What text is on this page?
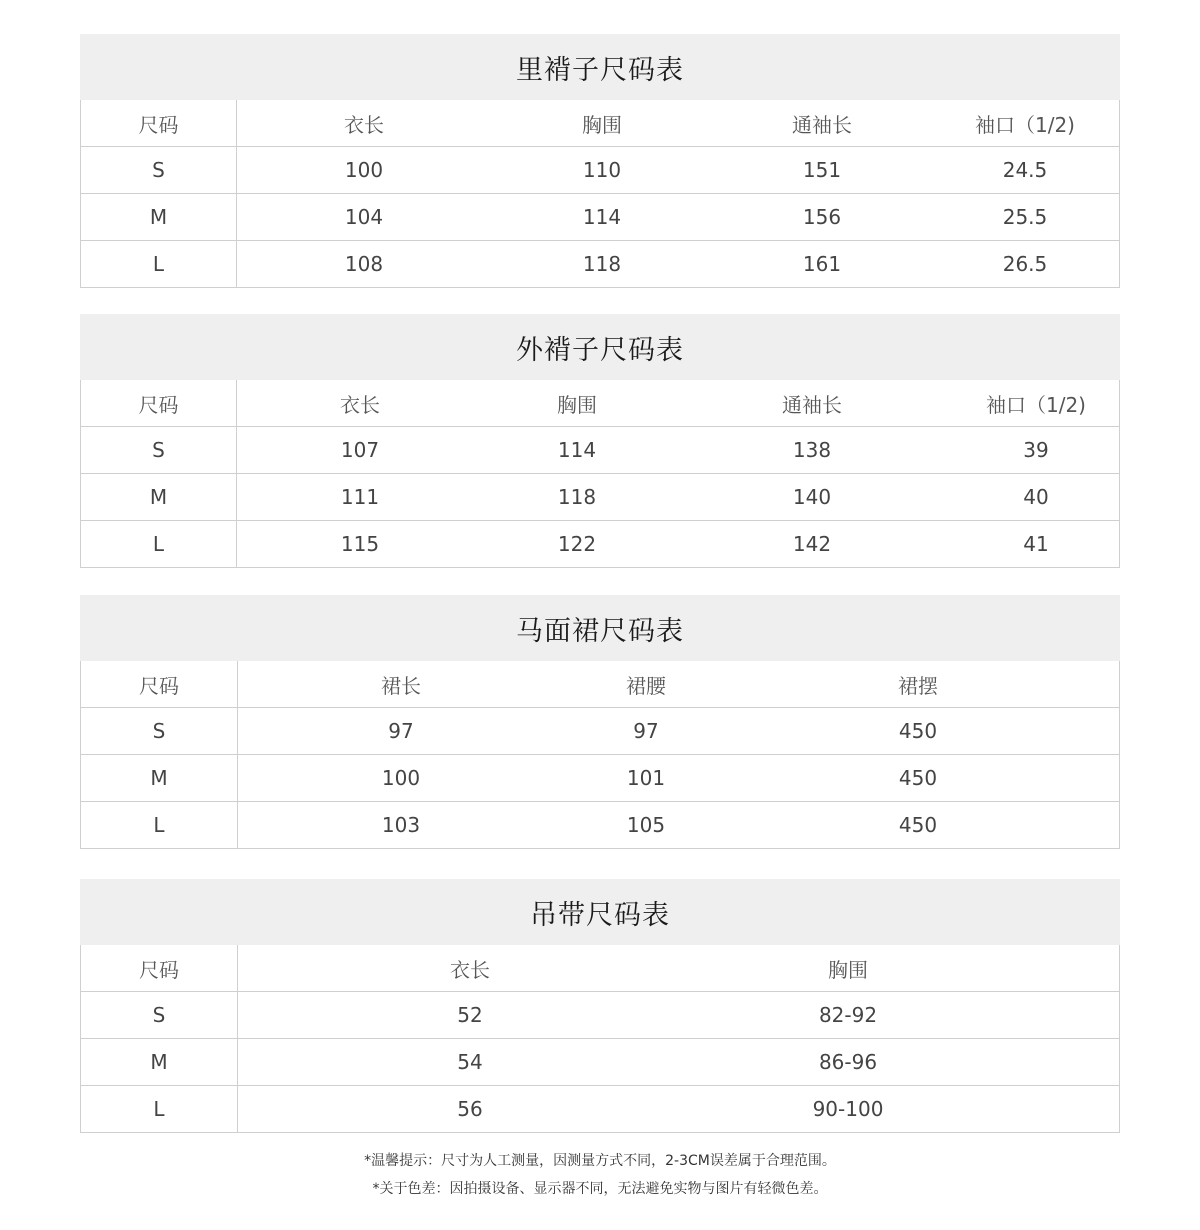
里褙子尺码表
尺码	衣长	胸围	通袖长	袖口（1/2)
S	100	110	151	24.5
M	104	114	156	25.5
L	108	118	161	26.5
外褙子尺码表
尺码	衣长	胸围	通袖长	袖口（1/2)
S	107	114	138	39
M	111	118	140	40
L	115	122	142	41
马面裙尺码表
尺码	裙长	裙腰	裙摆
S	97	97	450
M	100	101	450
L	103	105	450
吊带尺码表
尺码	衣长	胸围
S	52	82-92
M	54	86-96
L	56	90-100
*温馨提示：尺寸为人工测量，因测量方式不同，2-3CM误差属于合理范围。
*关于色差：因拍摄设备、显示器不同，无法避免实物与图片有轻微色差。
